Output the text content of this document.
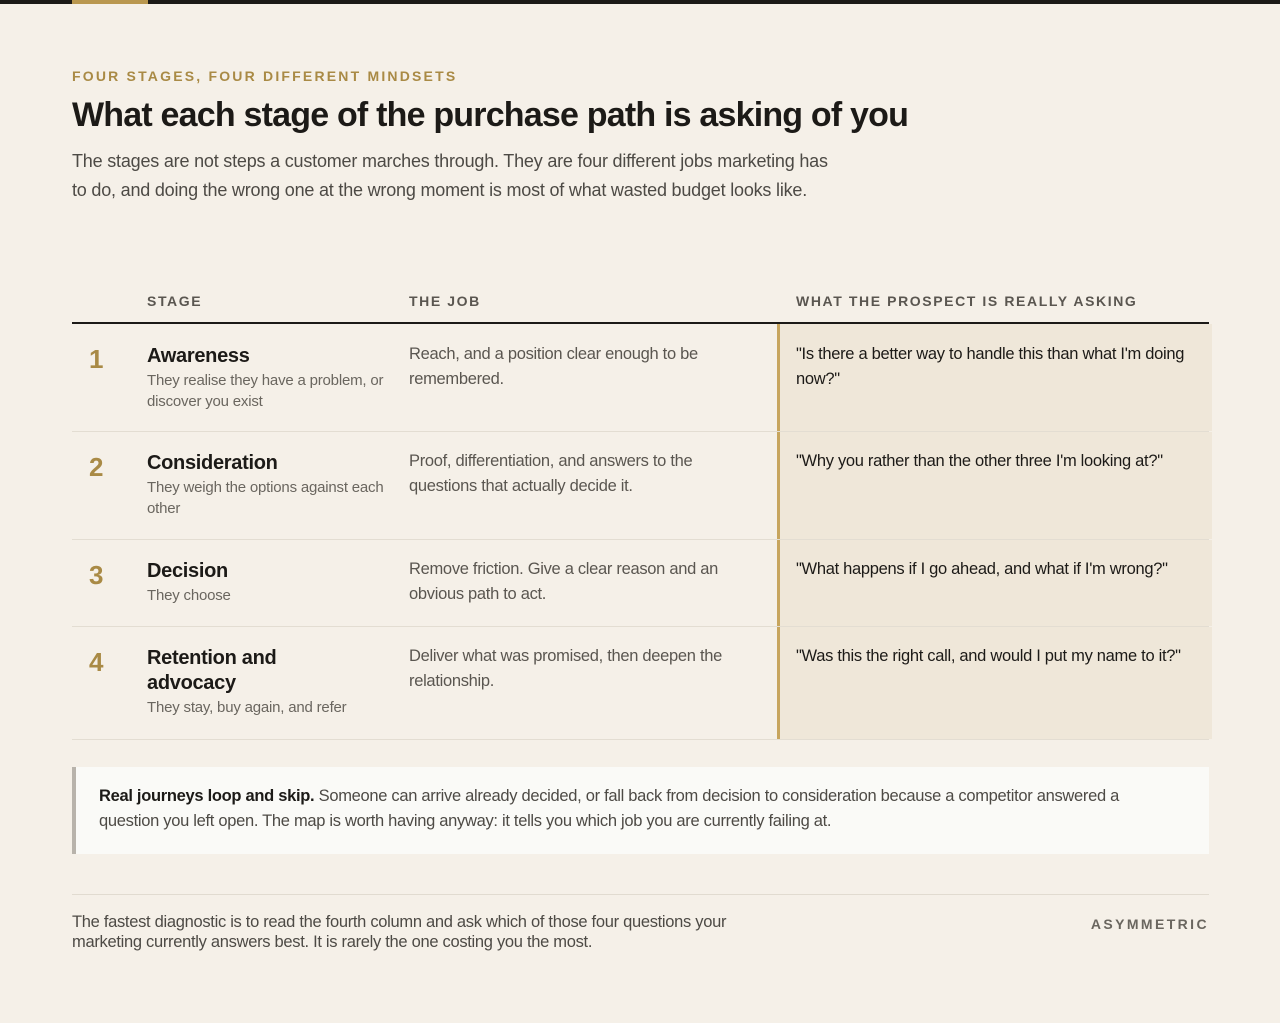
FOUR STAGES, FOUR DIFFERENT MINDSETS
What each stage of the purchase path is asking of you

The stages are not steps a customer marches through. They are four different jobs marketing has to do, and doing the wrong one at the wrong moment is most of what wasted budget looks like.

STAGE	THE JOB	WHAT THE PROSPECT IS REALLY ASKING
1 Awareness
They realise they have a problem, or discover you exist
Reach, and a position clear enough to be remembered.
"Is there a better way to handle this than what I'm doing now?"
2 Consideration
They weigh the options against each other
Proof, differentiation, and answers to the questions that actually decide it.
"Why you rather than the other three I'm looking at?"
3 Decision
They choose
Remove friction. Give a clear reason and an obvious path to act.
"What happens if I go ahead, and what if I'm wrong?"
4 Retention and advocacy
They stay, buy again, and refer
Deliver what was promised, then deepen the relationship.
"Was this the right call, and would I put my name to it?"
Real journeys loop and skip. Someone can arrive already decided, or fall back from decision to consideration because a competitor answered a question you left open. The map is worth having anyway: it tells you which job you are currently failing at.
The fastest diagnostic is to read the fourth column and ask which of those four questions your marketing currently answers best. It is rarely the one costing you the most.
ASYMMETRIC
